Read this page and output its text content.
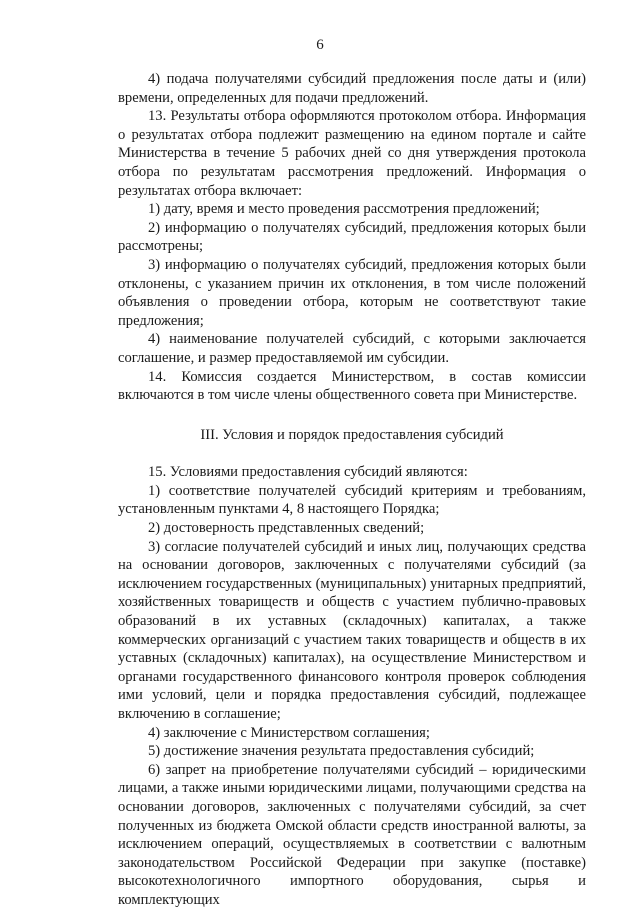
6

4) подача получателями субсидий предложения после даты и (или) времени, определенных для подачи предложений.

13. Результаты отбора оформляются протоколом отбора. Информация о результатах отбора подлежит размещению на едином портале и сайте Министерства в течение 5 рабочих дней со дня утверждения протокола отбора по результатам рассмотрения предложений. Информация о результатах отбора включает:

1) дату, время и место проведения рассмотрения предложений;

2) информацию о получателях субсидий, предложения которых были рассмотрены;

3) информацию о получателях субсидий, предложения которых были отклонены, с указанием причин их отклонения, в том числе положений объявления о проведении отбора, которым не соответствуют такие предложения;

4) наименование получателей субсидий, с которыми заключается соглашение, и размер предоставляемой им субсидии.

14. Комиссия создается Министерством, в состав комиссии включаются в том числе члены общественного совета при Министерстве.

III. Условия и порядок предоставления субсидий

15. Условиями предоставления субсидий являются:

1) соответствие получателей субсидий критериям и требованиям, установленным пунктами 4, 8 настоящего Порядка;

2) достоверность представленных сведений;

3) согласие получателей субсидий и иных лиц, получающих средства на основании договоров, заключенных с получателями субсидий (за исключением государственных (муниципальных) унитарных предприятий, хозяйственных товариществ и обществ с участием публично-правовых образований в их уставных (складочных) капиталах, а также коммерческих организаций с участием таких товариществ и обществ в их уставных (складочных) капиталах), на осуществление Министерством и органами государственного финансового контроля проверок соблюдения ими условий, цели и порядка предоставления субсидий, подлежащее включению в соглашение;

4) заключение с Министерством соглашения;

5) достижение значения результата предоставления субсидий;

6) запрет на приобретение получателями субсидий – юридическими лицами, а также иными юридическими лицами, получающими средства на основании договоров, заключенных с получателями субсидий, за счет полученных из бюджета Омской области средств иностранной валюты, за исключением операций, осуществляемых в соответствии с валютным законодательством Российской Федерации при закупке (поставке) высокотехнологичного импортного оборудования, сырья и комплектующих
